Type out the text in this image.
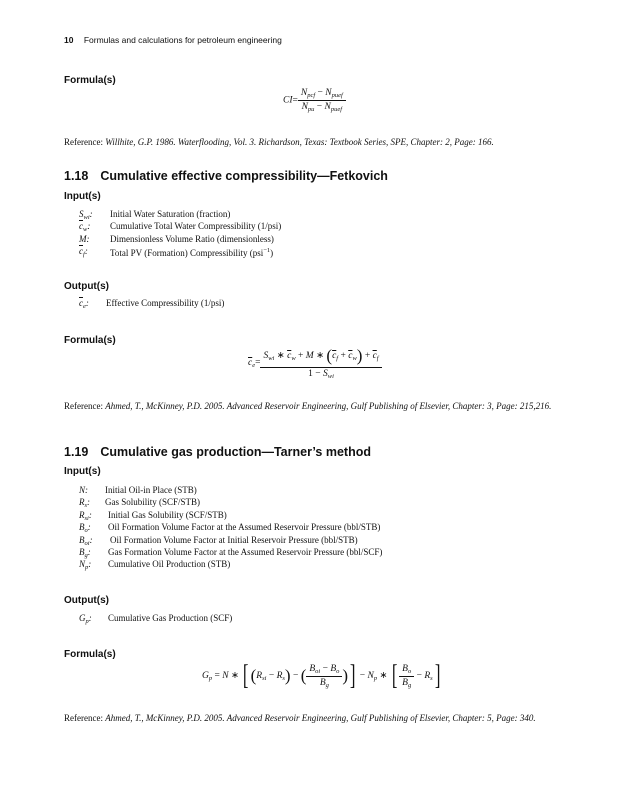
10 Formulas and calculations for petroleum engineering
Formula(s)
$CI= \frac{N_{pcf} - N_{puef}}{N_{pu} - N_{puef}}$
Reference: Willhite, G.P. 1986. Waterflooding, Vol. 3. Richardson, Texas: Textbook Series, SPE, Chapter: 2, Page: 166.
1.18 Cumulative effective compressibility—Fetkovich
Input(s)
$S_{wi}$:	Initial Water Saturation (fraction)
$\overline{c}_w$:	Cumulative Total Water Compressibility (1/psi)
M:	Dimensionless Volume Ratio (dimensionless)
$\overline{c}_f$:	Total PV (Formation) Compressibility (psi$^{-1}$)
Output(s)
$\overline{c}_e$:	Effective Compressibility (1/psi)
Formula(s)
$\overline{c}_e= \frac{S_{wi} ∗ \overline{c}_w + M ∗ (\overline{c}_f + \overline{c}_w) + \overline{c}_f}{1 - S_{wi}}$
Reference: Ahmed, T., McKinney, P.D. 2005. Advanced Reservoir Engineering, Gulf Publishing of Elsevier, Chapter: 3, Page: 215,216.
1.19 Cumulative gas production—Tarner’s method
Input(s)
N:	Initial Oil-in Place (STB)
$R_s$:	Gas Solubility (SCF/STB)
$R_{si}$:	Initial Gas Solubility (SCF/STB)
$B_o$:	Oil Formation Volume Factor at the Assumed Reservoir Pressure (bbl/STB)
$B_{oi}$:	Oil Formation Volume Factor at Initial Reservoir Pressure (bbl/STB)
$B_g$:	Gas Formation Volume Factor at the Assumed Reservoir Pressure (bbl/SCF)
$N_p$:	Cumulative Oil Production (STB)
Output(s)
$G_p$:	Cumulative Gas Production (SCF)
Formula(s)
$G_p = N$ ∗ [ $(R_{si} - R_s)$ − ( $\frac{B_{oi} - B_o}{B_g}$ )] − $N_p$ ∗ [ $\frac{B_o}{B_g} - R_s$]
Reference: Ahmed, T., McKinney, P.D. 2005. Advanced Reservoir Engineering, Gulf Publishing of Elsevier, Chapter: 5, Page: 340.
